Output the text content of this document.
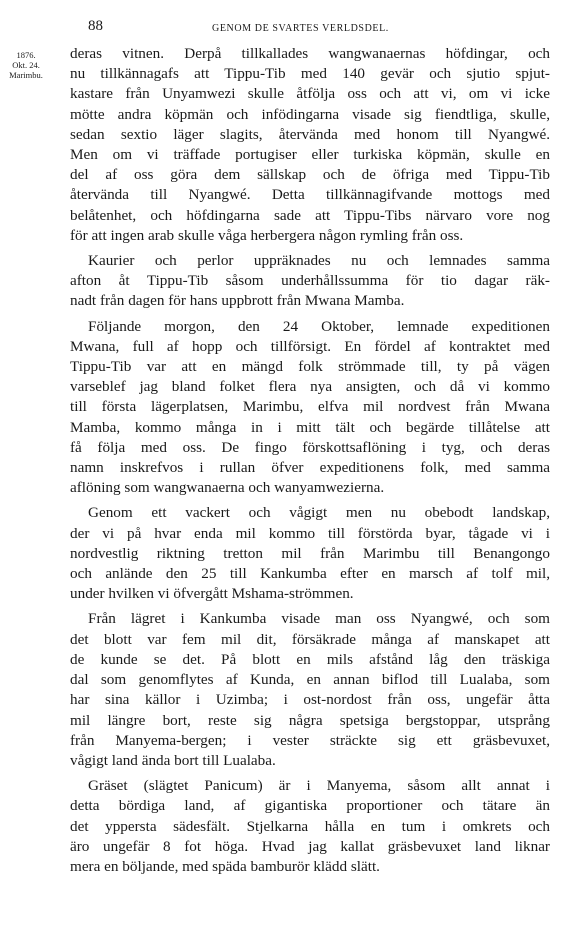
88	GENOM DE SVARTES VERLDSDEL.
1876.
Okt. 24.
Marimbu.

deras vitnen. Derpå tillkallades wangwanaernas höfdingar, och
nu tillkännagafs att Tippu-Tib med 140 gevär och sjutio spjut-
kastare från Unyamwezi skulle åtfölja oss och att vi, om vi icke
mötte andra köpmän och infödingarna visade sig fiendtliga, skulle,
sedan sextio läger slagits, återvända med honom till Nyangwé.
Men om vi träffade portugiser eller turkiska köpmän, skulle en
del af oss göra dem sällskap och de öfriga med Tippu-Tib
återvända till Nyangwé. Detta tillkännagifvande mottogs med
belåtenhet, och höfdingarna sade att Tippu-Tibs närvaro vore nog
för att ingen arab skulle våga herbergera någon rymling från oss.

Kaurier och perlor uppräknades nu och lemnades samma
afton åt Tippu-Tib såsom underhållssumma för tio dagar räk-
nadt från dagen för hans uppbrott från Mwana Mamba.

Följande morgon, den 24 Oktober, lemnade expeditionen
Mwana, full af hopp och tillförsigt. En fördel af kontraktet med
Tippu-Tib var att en mängd folk strömmade till, ty på vägen
varseblef jag bland folket flera nya ansigten, och då vi kommo
till första lägerplatsen, Marimbu, elfva mil nordvest från Mwana
Mamba, kommo många in i mitt tält och begärde tillåtelse att
få följa med oss. De fingo förskottsaflöning i tyg, och deras
namn inskrefvos i rullan öfver expeditionens folk, med samma
aflöning som wangwanaerna och wanyamwezierna.

Genom ett vackert och vågigt men nu obebodt landskap,
der vi på hvar enda mil kommo till förstörda byar, tågade vi i
nordvestlig riktning tretton mil från Marimbu till Benangongo
och anlände den 25 till Kankumba efter en marsch af tolf mil,
under hvilken vi öfvergått Mshama-strömmen.

Från lägret i Kankumba visade man oss Nyangwé, och som
det blott var fem mil dit, försäkrade många af manskapet att
de kunde se det. På blott en mils afstånd låg den träskiga
dal som genomflytes af Kunda, en annan biflod till Lualaba, som
har sina källor i Uzimba; i ost-nordost från oss, ungefär åtta
mil längre bort, reste sig några spetsiga bergstoppar, utsprång
från Manyema-bergen; i vester sträckte sig ett gräsbevuxet,
vågigt land ända bort till Lualaba.

Gräset (slägtet Panicum) är i Manyema, såsom allt annat i
detta bördiga land, af gigantiska proportioner och tätare än
det yppersta sädesfält. Stjelkarna hålla en tum i omkrets och
äro ungefär 8 fot höga. Hvad jag kallat gräsbevuxet land liknar
mera en böljande, med späda bamburör klädd slätt.
